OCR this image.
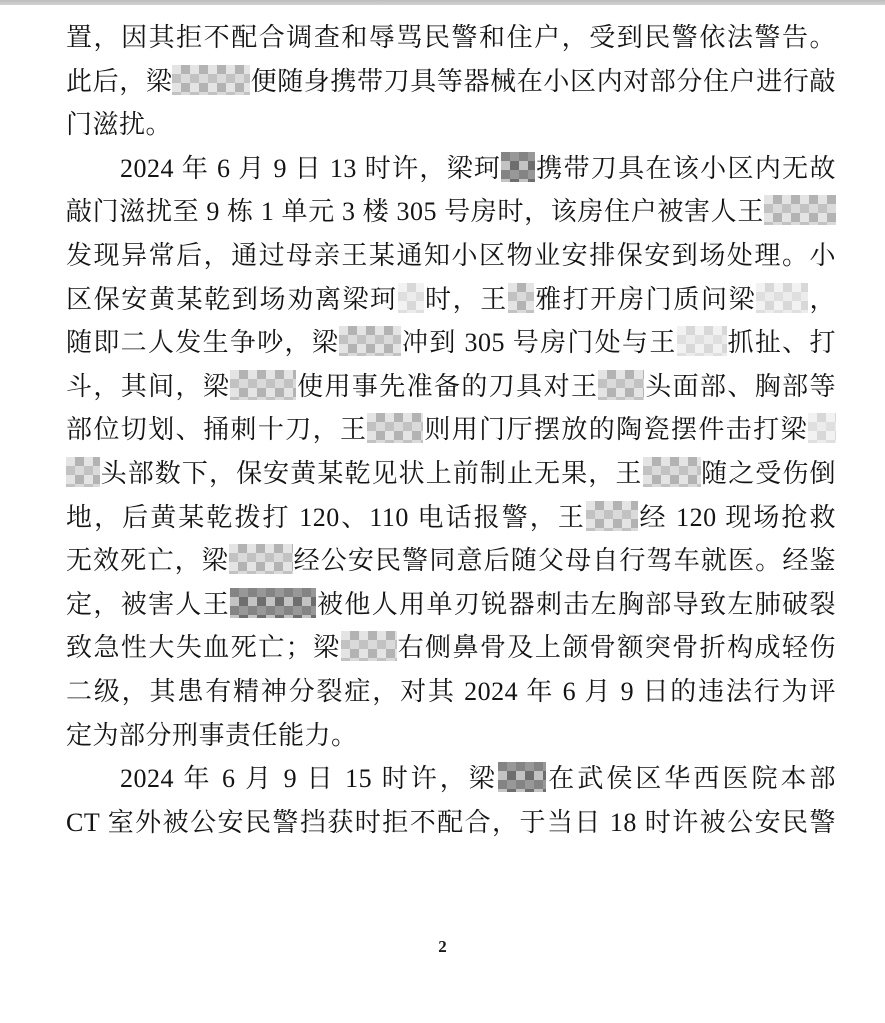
置，因其拒不配合调查和辱骂民警和住户，受到民警依法警告。
此后，梁	便随身携带刀具等器械在小区内对部分住户进行敲
门滋扰。
2024 年 6 月 9 日 13 时许，梁珂 携带刀具在该小区内无故
敲门滋扰至 9 栋 1 单元 3 楼 305 号房时，该房住户被害人王
发现异常后，通过母亲王某通知小区物业安排保安到场处理。小
区保安黄某乾到场劝离梁珂 时，王 雅打开房门质问梁 ，
随即二人发生争吵，梁 冲到 305 号房门处与王 抓扯、打
斗，其间，梁	使用事先准备的刀具对王 头面部、胸部等
部位切划、捅刺十刀，王 则用门厅摆放的陶瓷摆件击打梁
头部数下，保安黄某乾见状上前制止无果，王 随之受伤倒
地，后黄某乾拨打 120、110 电话报警，王 经 120 现场抢救
无效死亡，梁 经公安民警同意后随父母自行驾车就医。经鉴
定，被害人王	被他人用单刃锐器刺击左胸部导致左肺破裂
致急性大失血死亡；梁 右侧鼻骨及上颌骨额突骨折构成轻伤
二级，其患有精神分裂症，对其 2024 年 6 月 9 日的违法行为评
定为部分刑事责任能力。
2024 年 6 月 9 日 15 时许，梁 在武侯区华西医院本部
CT 室外被公安民警挡获时拒不配合，于当日 18 时许被公安民警
2
